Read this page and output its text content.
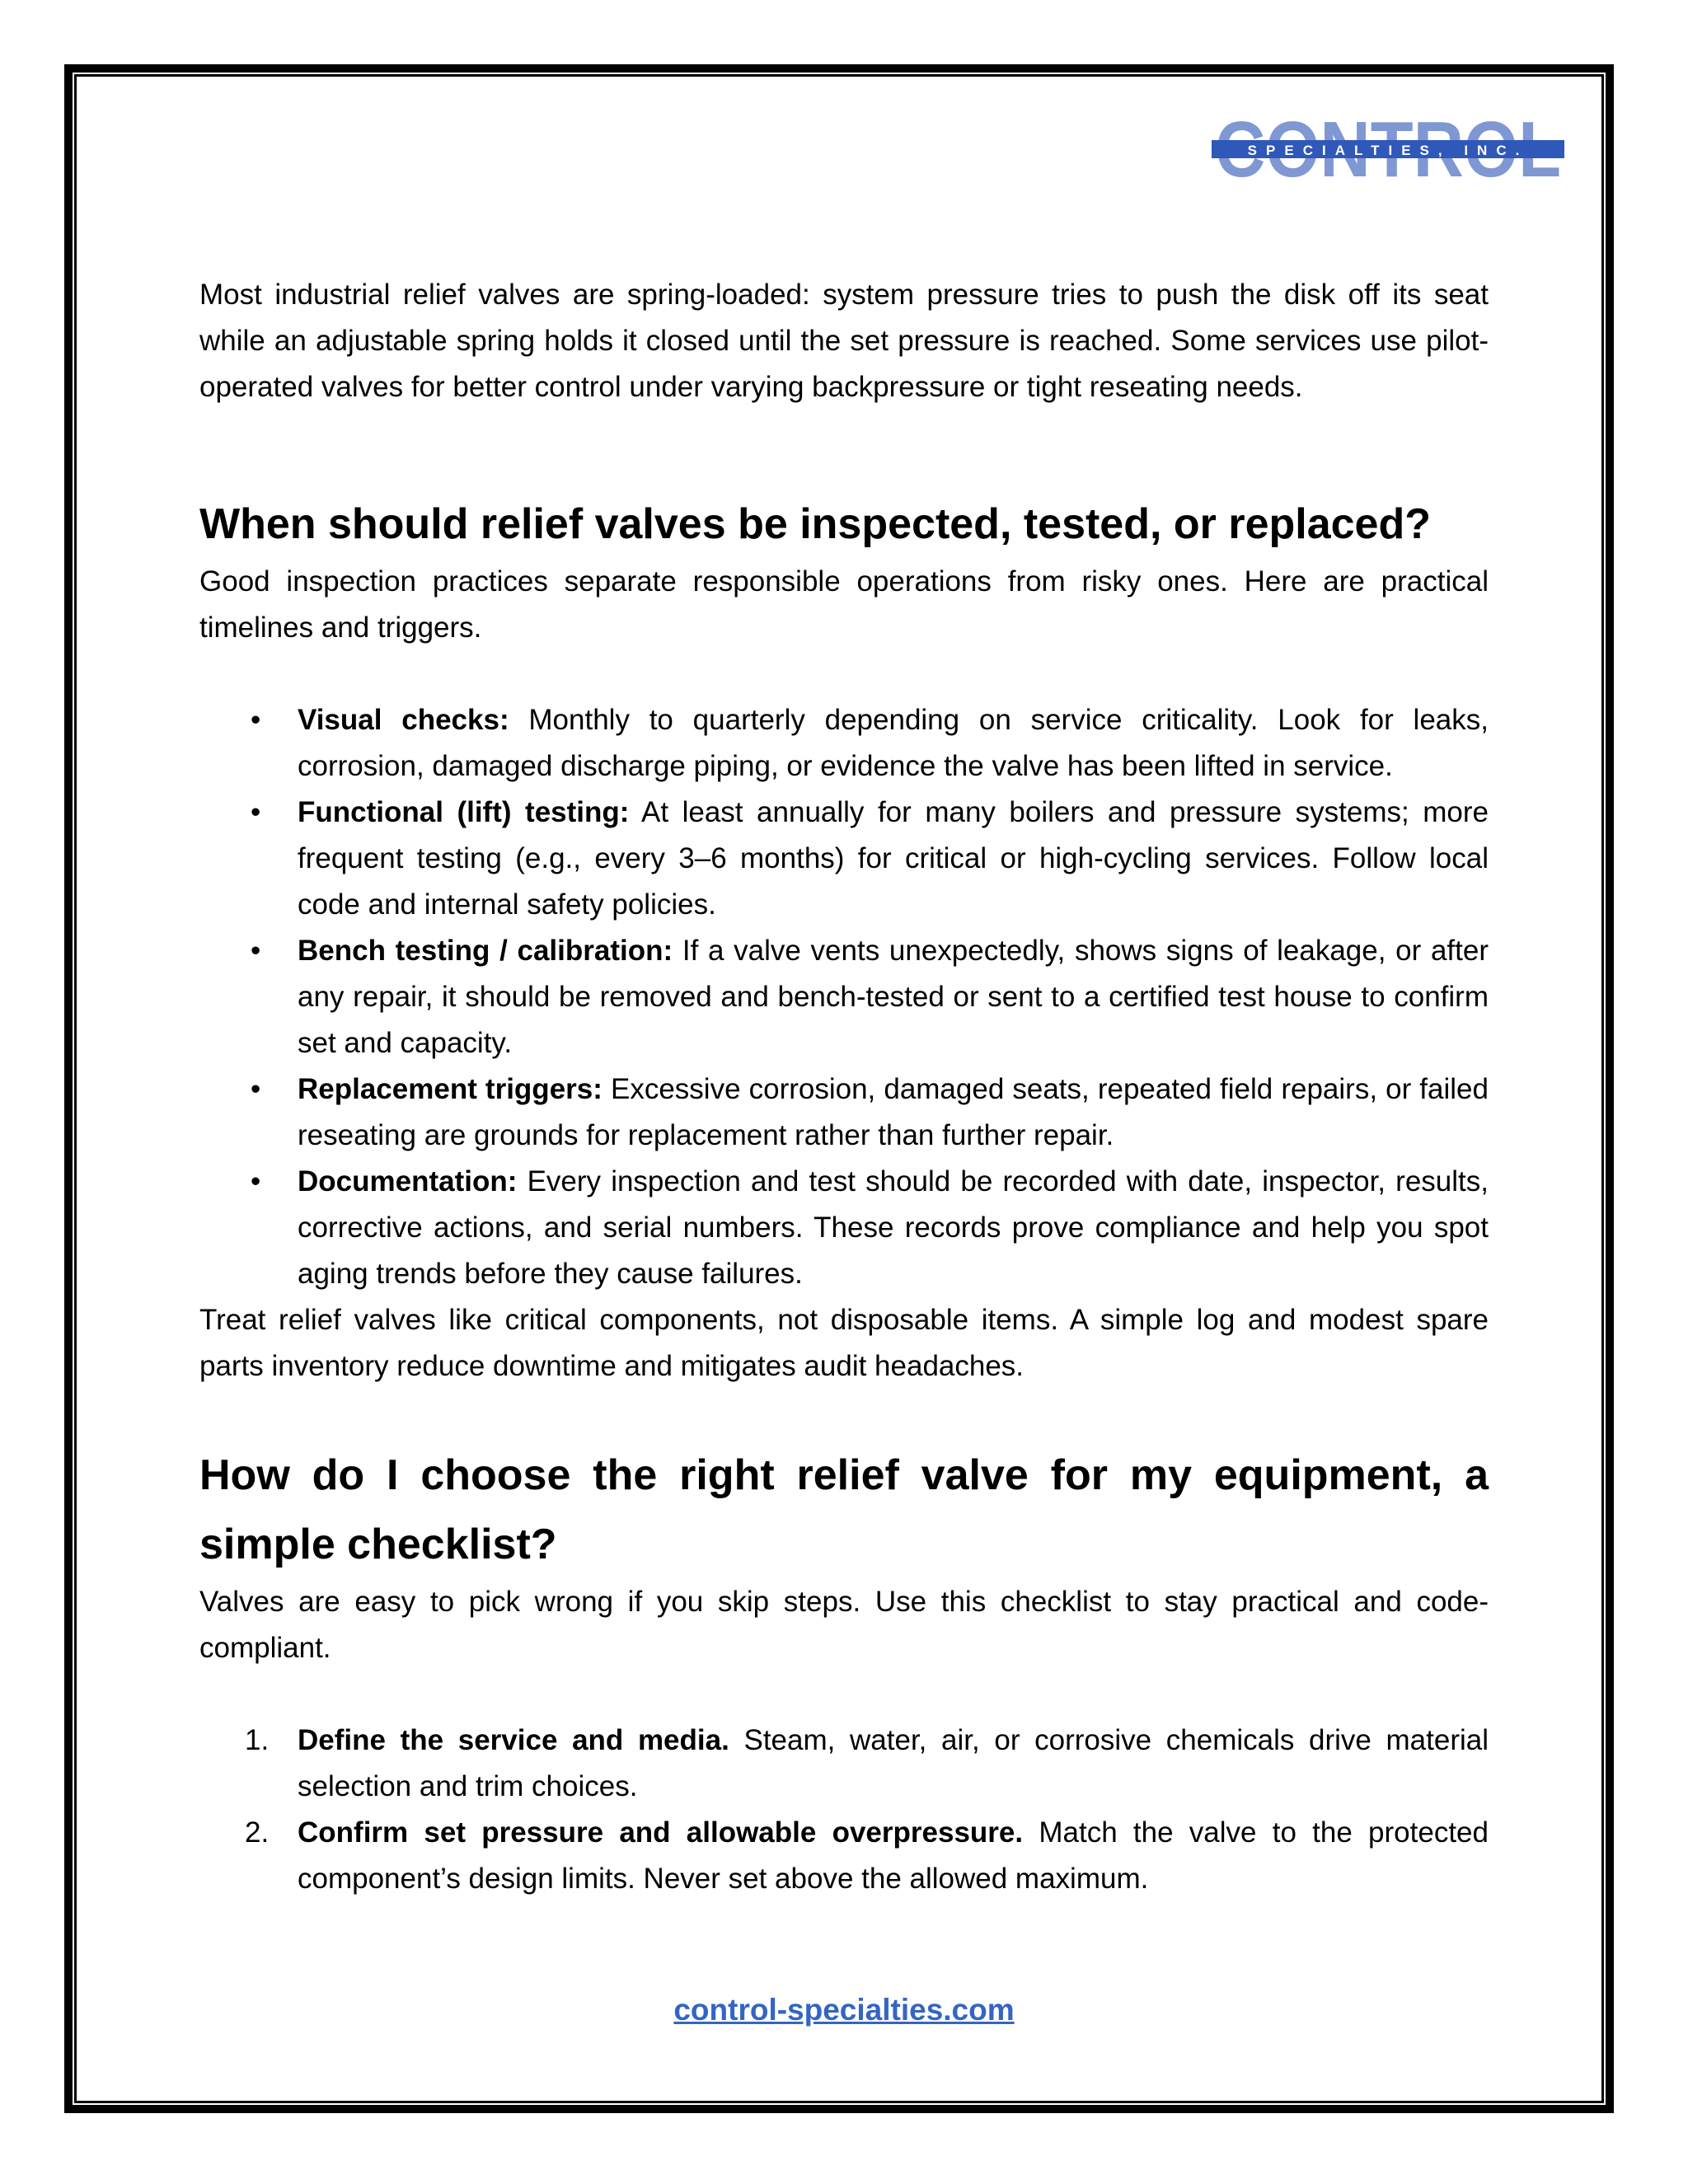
SPECIALTIES, INC.

Most industrial relief valves are spring-loaded: system pressure tries to push the disk off its seat while an adjustable spring holds it closed until the set pressure is reached. Some services use pilot-operated valves for better control under varying backpressure or tight reseating needs.

When should relief valves be inspected, tested, or replaced?

Good inspection practices separate responsible operations from risky ones. Here are practical timelines and triggers.

•	Visual checks: Monthly to quarterly depending on service criticality. Look for leaks, corrosion, damaged discharge piping, or evidence the valve has been lifted in service.
•	Functional (lift) testing: At least annually for many boilers and pressure systems; more frequent testing (e.g., every 3–6 months) for critical or high-cycling services. Follow local code and internal safety policies.
•	Bench testing / calibration: If a valve vents unexpectedly, shows signs of leakage, or after any repair, it should be removed and bench-tested or sent to a certified test house to confirm set and capacity.
•	Replacement triggers: Excessive corrosion, damaged seats, repeated field repairs, or failed reseating are grounds for replacement rather than further repair.
•	Documentation: Every inspection and test should be recorded with date, inspector, results, corrective actions, and serial numbers. These records prove compliance and help you spot aging trends before they cause failures.

Treat relief valves like critical components, not disposable items. A simple log and modest spare parts inventory reduce downtime and mitigates audit headaches.

How do I choose the right relief valve for my equipment, a simple checklist?

Valves are easy to pick wrong if you skip steps. Use this checklist to stay practical and code-compliant.

1. Define the service and media. Steam, water, air, or corrosive chemicals drive material selection and trim choices.
2. Confirm set pressure and allowable overpressure. Match the valve to the protected component’s design limits. Never set above the allowed maximum.
control-specialties.com
